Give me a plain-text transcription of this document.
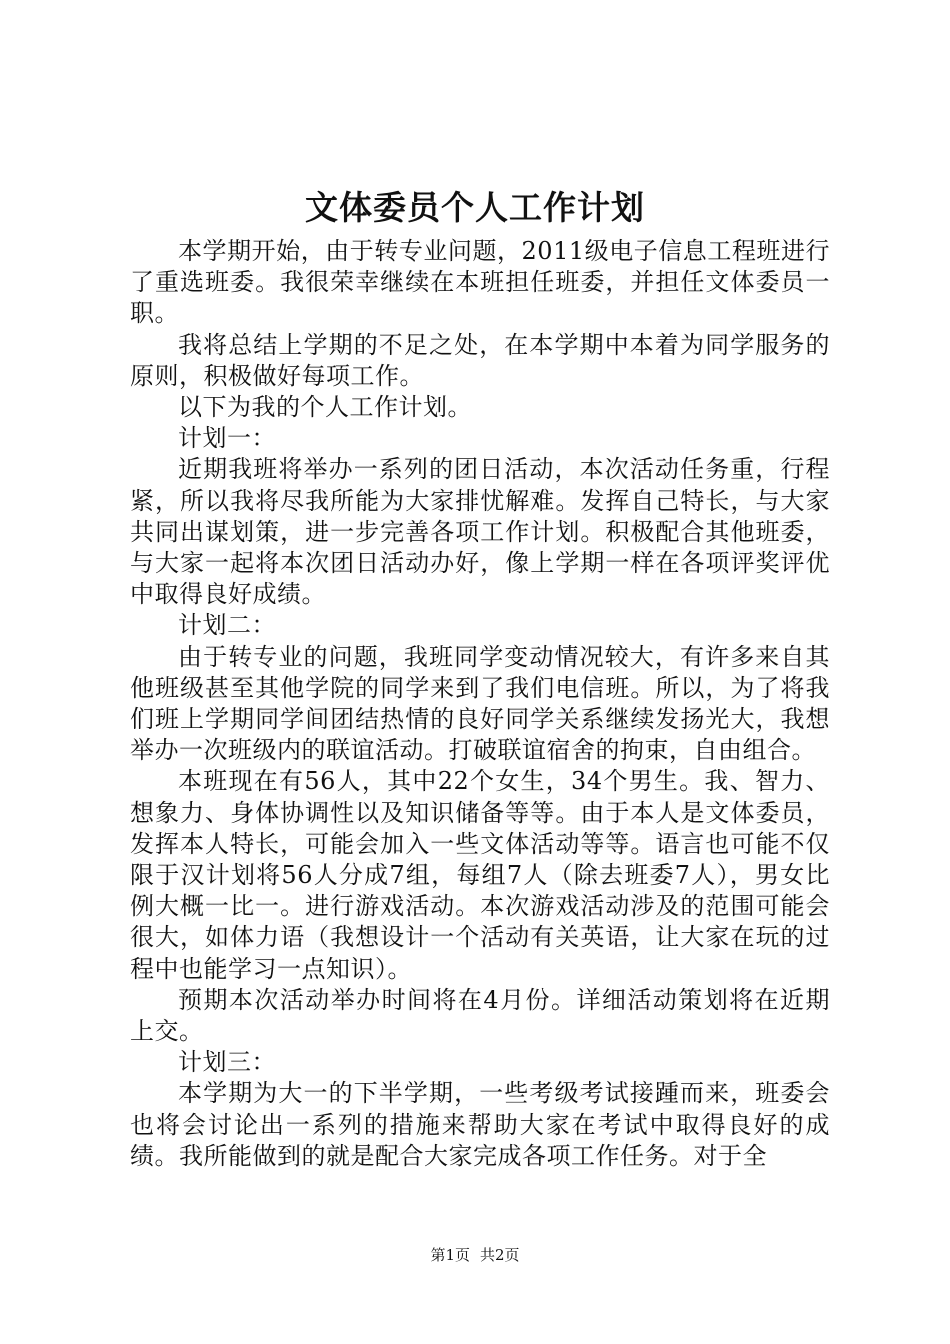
文体委员个人工作计划

本学期开始，由于转专业问题，2011级电子信息工程班进行了重选班委。我很荣幸继续在本班担任班委，并担任文体委员一职。

我将总结上学期的不足之处，在本学期中本着为同学服务的原则，积极做好每项工作。

以下为我的个人工作计划。

计划一：

近期我班将举办一系列的团日活动，本次活动任务重，行程紧，所以我将尽我所能为大家排忧解难。发挥自己特长，与大家共同出谋划策，进一步完善各项工作计划。积极配合其他班委，与大家一起将本次团日活动办好，像上学期一样在各项评奖评优中取得良好成绩。

计划二：

由于转专业的问题，我班同学变动情况较大，有许多来自其他班级甚至其他学院的同学来到了我们电信班。所以，为了将我们班上学期同学间团结热情的良好同学关系继续发扬光大，我想举办一次班级内的联谊活动。打破联谊宿舍的拘束，自由组合。

本班现在有56人，其中22个女生，34个男生。我、智力、想象力、身体协调性以及知识储备等等。由于本人是文体委员，发挥本人特长，可能会加入一些文体活动等等。语言也可能不仅限于汉计划将56人分成7组，每组7人（除去班委7人），男女比例大概一比一。进行游戏活动。本次游戏活动涉及的范围可能会很大，如体力语（我想设计一个活动有关英语，让大家在玩的过程中也能学习一点知识）。

预期本次活动举办时间将在4月份。详细活动策划将在近期上交。

计划三：

本学期为大一的下半学期，一些考级考试接踵而来，班委会也将会讨论出一系列的措施来帮助大家在考试中取得良好的成绩。我所能做到的就是配合大家完成各项工作任务。对于全

第1页 共2页
